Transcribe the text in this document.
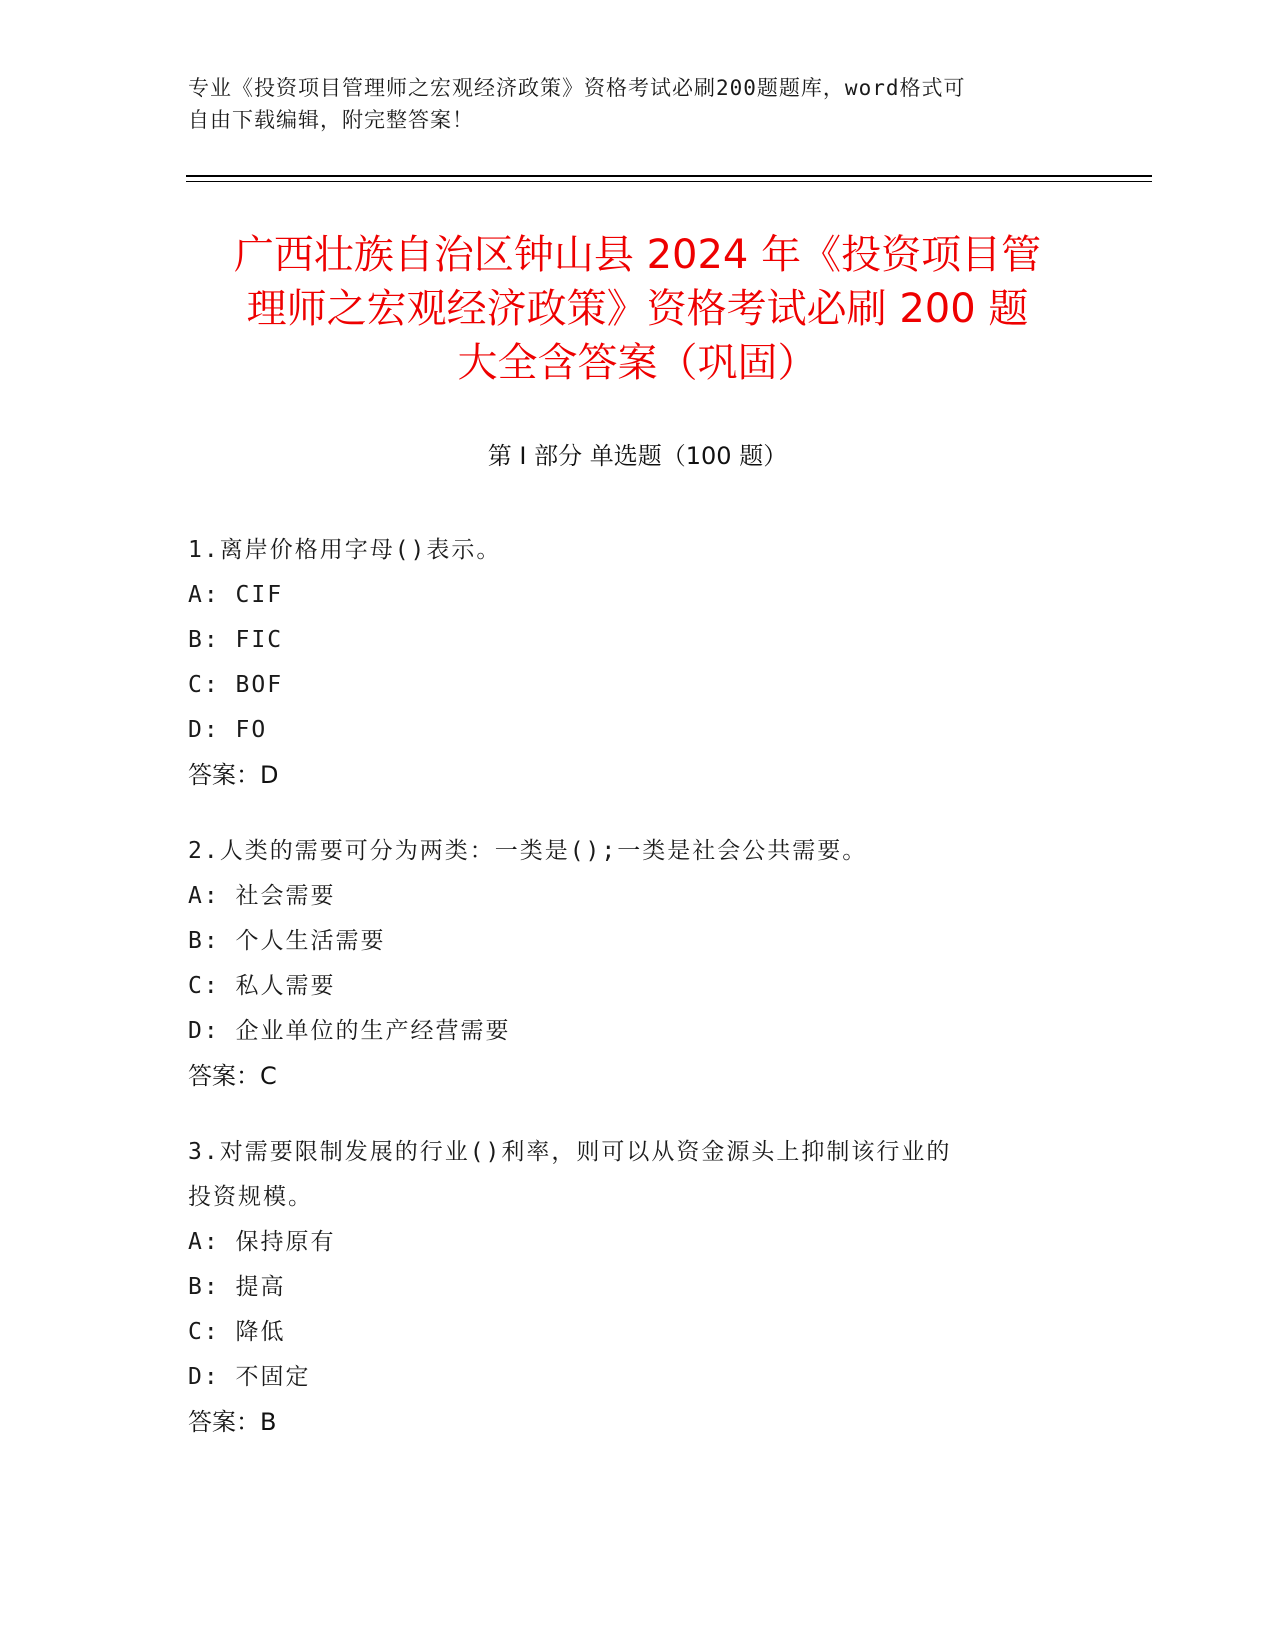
专业《投资项目管理师之宏观经济政策》资格考试必刷200题题库，word格式可
自由下载编辑，附完整答案！
广西壮族自治区钟山县 2024 年《投资项目管
理师之宏观经济政策》资格考试必刷 200 题
大全含答案（巩固）
第 I 部分 单选题（100 题）
1.离岸价格用字母()表示。
A: CIF
B: FIC
C: BOF
D: FO
答案：D
2.人类的需要可分为两类：一类是();一类是社会公共需要。
A: 社会需要
B: 个人生活需要
C: 私人需要
D: 企业单位的生产经营需要
答案：C
3.对需要限制发展的行业()利率，则可以从资金源头上抑制该行业的
投资规模。
A: 保持原有
B: 提高
C: 降低
D: 不固定
答案：B
